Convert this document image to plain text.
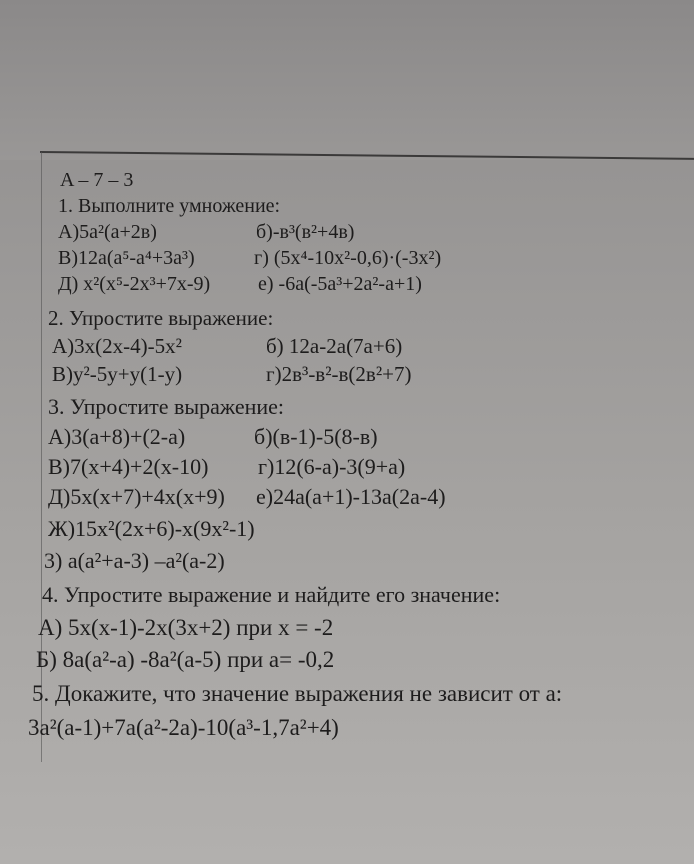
A – 7 – 3
1. Выполните умножение:
A)5a²(a+2в)	б)-в³(в²+4в)
B)12a(a⁵-a⁴+3a³)	г) (5x⁴-10x²-0,6)·(-3x²)
Д) x²(x⁵-2x³+7x-9) е) -6a(-5a³+2a²-a+1)
2. Упростите выражение:
A)3x(2x-4)-5x²	б) 12a-2a(7a+6)
B)y²-5y+y(1-y)	г)2в³-в²-в(2в²+7)
3. Упростите выражение:
A)3(a+8)+(2-a)	б)(в-1)-5(8-в)
B)7(x+4)+2(x-10) г)12(6-a)-3(9+a)
Д)5x(x+7)+4x(x+9) е)24a(a+1)-13a(2a-4)
Ж)15x²(2x+6)-x(9x²-1)
3) a(a²+a-3) –a²(a-2)
4. Упростите выражение и найдите его значение:
A) 5x(x-1)-2x(3x+2) при x = -2
Б) 8a(a²-a) -8a²(a-5) при a= -0,2
5. Докажите, что значение выражения не зависит от а:
3a²(a-1)+7a(a²-2a)-10(a³-1,7a²+4)
